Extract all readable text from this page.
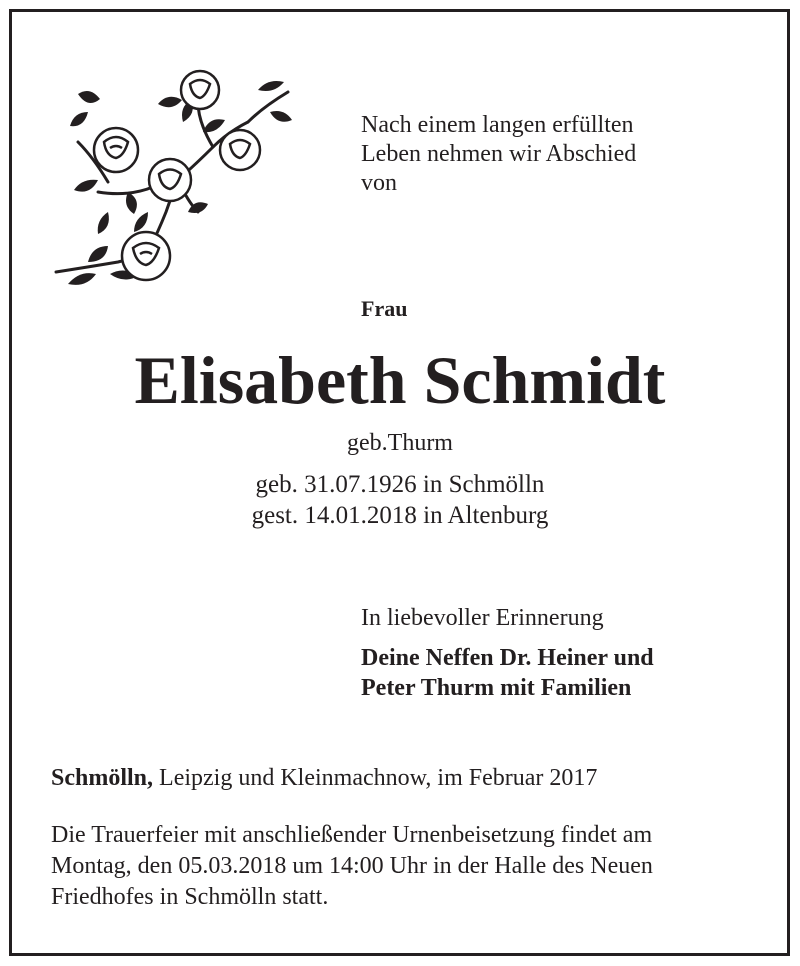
Nach einem langen erfüllten
Leben nehmen wir Abschied
von
Frau
Elisabeth Schmidt
geb.Thurm
geb. 31.07.1926 in Schmölln
gest. 14.01.2018 in Altenburg
In liebevoller Erinnerung
Deine Neffen Dr. Heiner und
Peter Thurm mit Familien
Schmölln, Leipzig und Kleinmachnow, im Februar 2017
Die Trauerfeier mit anschließender Urnenbeisetzung findet am
Montag, den 05.03.2018 um 14:00 Uhr in der Halle des Neuen
Friedhofes in Schmölln statt.
